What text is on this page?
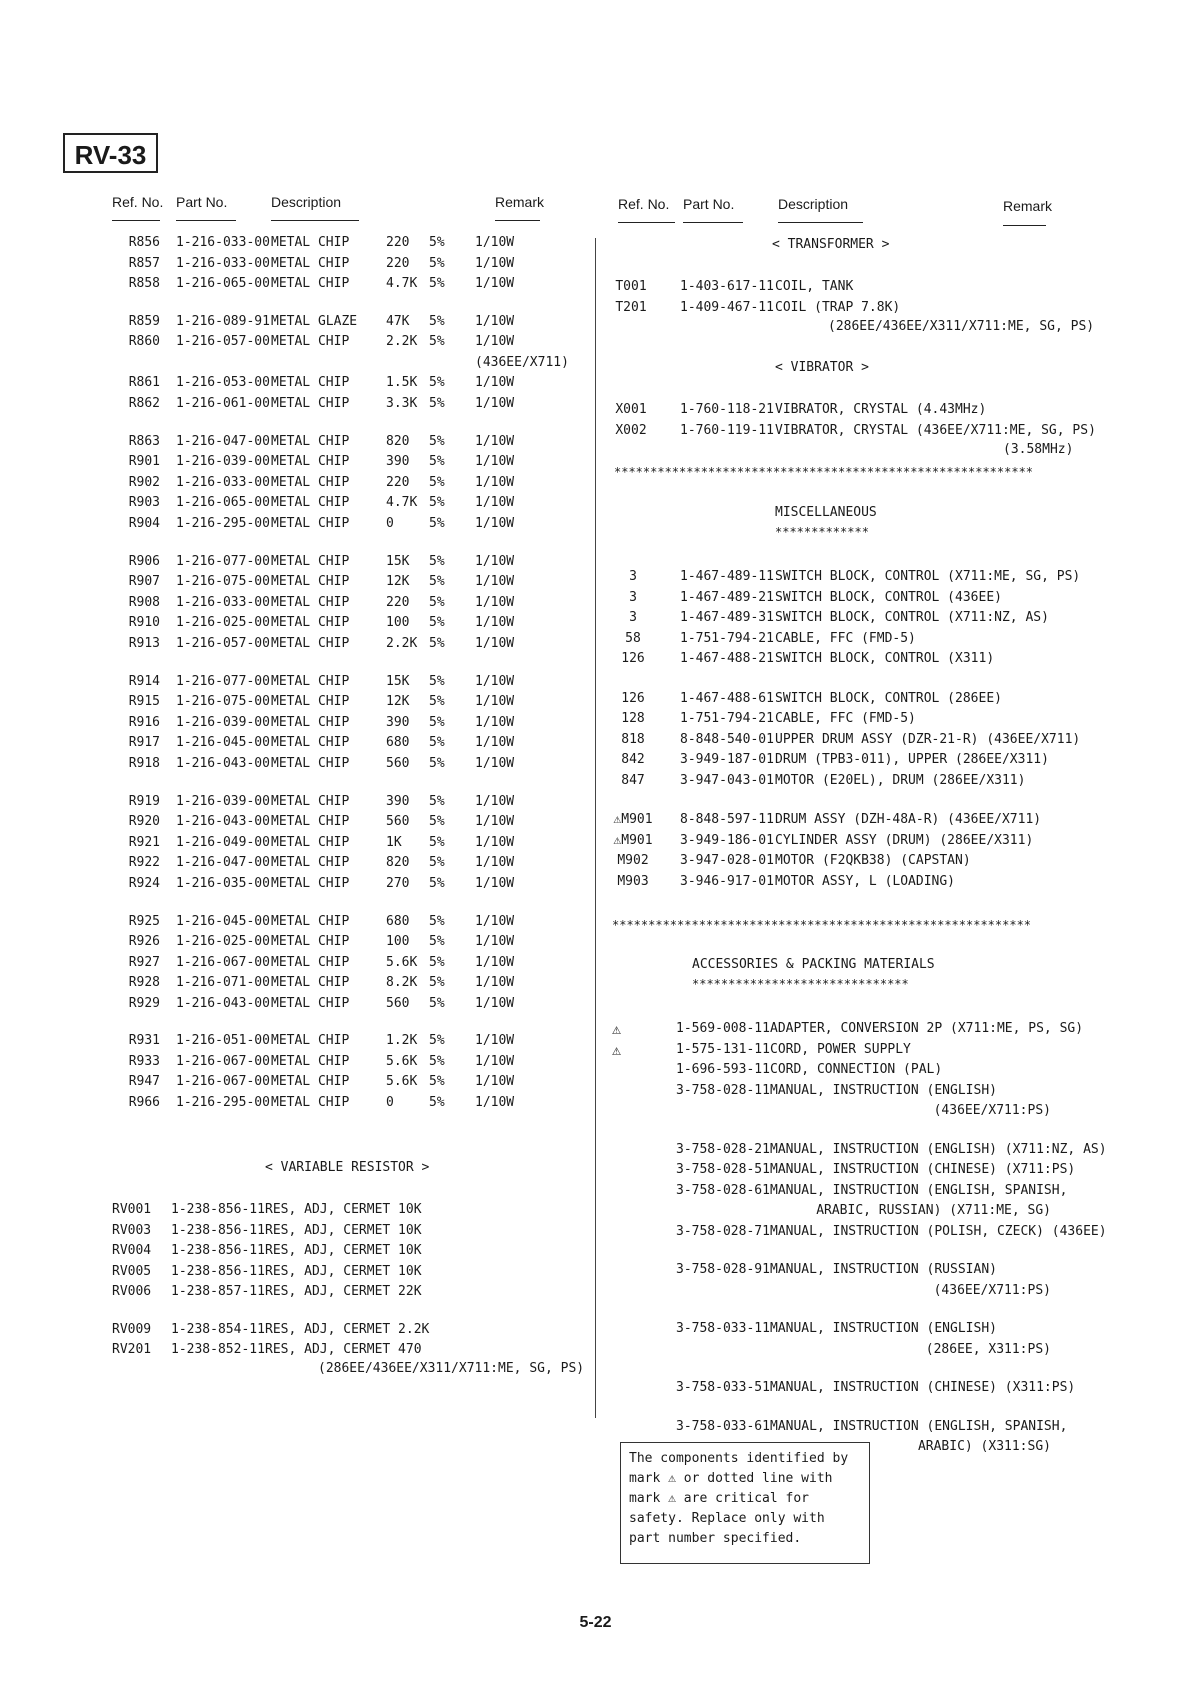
RV-33
Ref. No. Part No.	Description	Remark	Ref. No. Part No.	Description	Remark
R856 1-216-033-00 METAL CHIP	220 5% 1/10W
R857 1-216-033-00 METAL CHIP	220 5% 1/10W
R858 1-216-065-00 METAL CHIP	4.7K 5% 1/10W
R859 1-216-089-91 METAL GLAZE 47K 5% 1/10W
R860 1-216-057-00 METAL CHIP	2.2K 5% 1/10W
(436EE/X711)
R861 1-216-053-00 METAL CHIP	1.5K 5% 1/10W
R862 1-216-061-00 METAL CHIP	3.3K 5% 1/10W
R863 1-216-047-00 METAL CHIP	820 5% 1/10W
R901 1-216-039-00 METAL CHIP	390 5% 1/10W
R902 1-216-033-00 METAL CHIP	220 5% 1/10W
R903 1-216-065-00 METAL CHIP	4.7K 5% 1/10W
R904 1-216-295-00 METAL CHIP	0	5% 1/10W
R906 1-216-077-00 METAL CHIP	15K 5% 1/10W
R907 1-216-075-00 METAL CHIP	12K 5% 1/10W
R908 1-216-033-00 METAL CHIP	220 5% 1/10W
R910 1-216-025-00 METAL CHIP	100 5% 1/10W
R913 1-216-057-00 METAL CHIP	2.2K 5% 1/10W
R914 1-216-077-00 METAL CHIP	15K 5% 1/10W
R915 1-216-075-00 METAL CHIP	12K 5% 1/10W
R916 1-216-039-00 METAL CHIP	390 5% 1/10W
R917 1-216-045-00 METAL CHIP	680 5% 1/10W
R918 1-216-043-00 METAL CHIP	560 5% 1/10W
R919 1-216-039-00 METAL CHIP	390 5% 1/10W
R920 1-216-043-00 METAL CHIP	560 5% 1/10W
R921 1-216-049-00 METAL CHIP	1K 5% 1/10W
R922 1-216-047-00 METAL CHIP	820 5% 1/10W
R924 1-216-035-00 METAL CHIP	270 5% 1/10W
R925 1-216-045-00 METAL CHIP	680 5% 1/10W
R926 1-216-025-00 METAL CHIP	100 5% 1/10W
R927 1-216-067-00 METAL CHIP	5.6K 5% 1/10W
R928 1-216-071-00 METAL CHIP	8.2K 5% 1/10W
R929 1-216-043-00 METAL CHIP	560 5% 1/10W
R931 1-216-051-00 METAL CHIP	1.2K 5% 1/10W
R933 1-216-067-00 METAL CHIP	5.6K 5% 1/10W
R947 1-216-067-00 METAL CHIP	5.6K 5% 1/10W
R966 1-216-295-00 METAL CHIP	0	5% 1/10W
< VARIABLE RESISTOR >
RV001	1-238-856-11 RES, ADJ, CERMET 10K
RV003	1-238-856-11 RES, ADJ, CERMET 10K
RV004	1-238-856-11 RES, ADJ, CERMET 10K
RV005	1-238-856-11 RES, ADJ, CERMET 10K
RV006	1-238-857-11 RES, ADJ, CERMET 22K
RV009	1-238-854-11 RES, ADJ, CERMET 2.2K
RV201	1-238-852-11 RES, ADJ, CERMET 470
(286EE/436EE/X311/X711:ME, SG, PS)
< TRANSFORMER >
T001	1-403-617-11 COIL, TANK
T201	1-409-467-11 COIL (TRAP 7.8K)
(286EE/436EE/X311/X711:ME, SG, PS)
< VIBRATOR >
X001	1-760-118-21 VIBRATOR, CRYSTAL (4.43MHz)
X002	1-760-119-11 VIBRATOR, CRYSTAL (436EE/X711:ME, SG, PS)
(3.58MHz)
**********************************************************
MISCELLANEOUS
*************
3	1-467-489-11 SWITCH BLOCK, CONTROL (X711:ME, SG, PS)
3	1-467-489-21 SWITCH BLOCK, CONTROL (436EE)
3	1-467-489-31 SWITCH BLOCK, CONTROL (X711:NZ, AS)
58	1-751-794-21 CABLE, FFC (FMD-5)
126	1-467-488-21 SWITCH BLOCK, CONTROL (X311)
126	1-467-488-61 SWITCH BLOCK, CONTROL (286EE)
128	1-751-794-21 CABLE, FFC (FMD-5)
818	8-848-540-01 UPPER DRUM ASSY (DZR-21-R) (436EE/X711)
842	3-949-187-01 DRUM (TPB3-011), UPPER (286EE/X311)
847	3-947-043-01 MOTOR (E20EL), DRUM (286EE/X311)
⚠M901 8-848-597-11 DRUM ASSY (DZH-48A-R) (436EE/X711)
⚠M901 3-949-186-01 CYLINDER ASSY (DRUM) (286EE/X311)
M902	3-947-028-01 MOTOR (F2QKB38) (CAPSTAN)
M903	3-946-917-01 MOTOR ASSY, L (LOADING)
**********************************************************
ACCESSORIES & PACKING MATERIALS
******************************
⚠	1-569-008-11 ADAPTER, CONVERSION 2P (X711:ME, PS, SG)
⚠	1-575-131-11 CORD, POWER SUPPLY
1-696-593-11 CORD, CONNECTION (PAL)
3-758-028-11 MANUAL, INSTRUCTION (ENGLISH)
(436EE/X711:PS)
3-758-028-21 MANUAL, INSTRUCTION (ENGLISH) (X711:NZ, AS)
3-758-028-51 MANUAL, INSTRUCTION (CHINESE) (X711:PS)
3-758-028-61 MANUAL, INSTRUCTION (ENGLISH, SPANISH,
ARABIC, RUSSIAN) (X711:ME, SG)
3-758-028-71 MANUAL, INSTRUCTION (POLISH, CZECK) (436EE)
3-758-028-91 MANUAL, INSTRUCTION (RUSSIAN)
(436EE/X711:PS)
3-758-033-11 MANUAL, INSTRUCTION (ENGLISH)
(286EE, X311:PS)
3-758-033-51 MANUAL, INSTRUCTION (CHINESE) (X311:PS)
3-758-033-61 MANUAL, INSTRUCTION (ENGLISH, SPANISH,
ARABIC) (X311:SG)
The components identified by mark ⚠ or dotted line with mark ⚠ are critical for safety. Replace only with part number specified.
5-22
